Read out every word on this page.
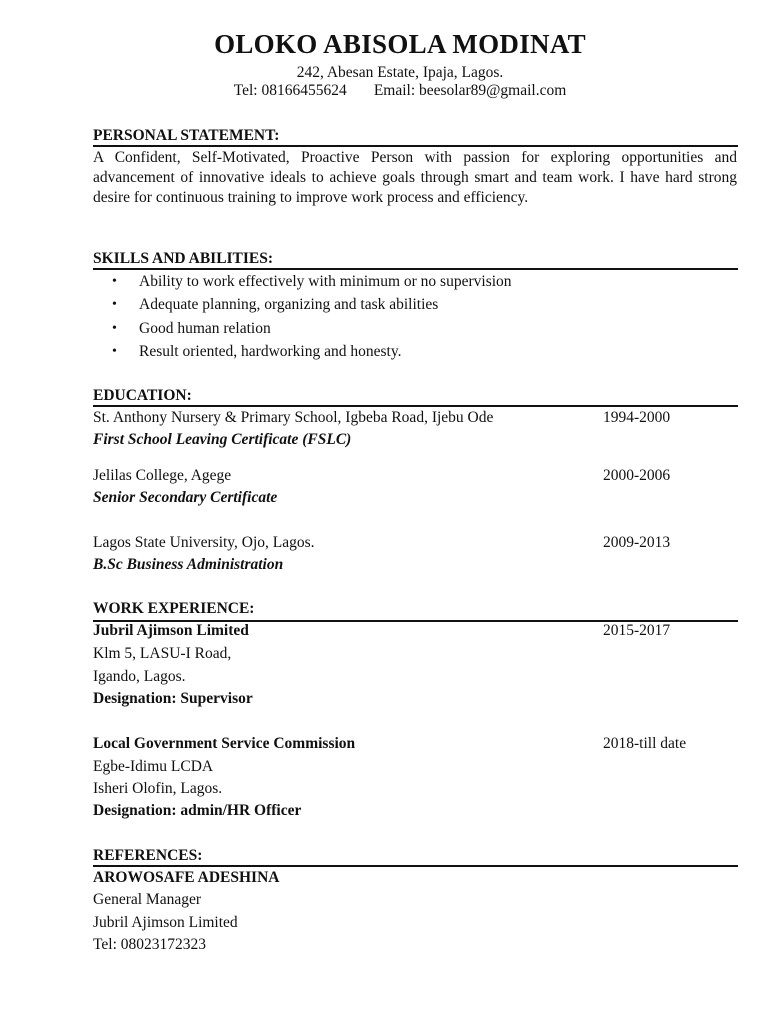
OLOKO ABISOLA MODINAT
242, Abesan Estate, Ipaja, Lagos.
Tel: 08166455624       Email: beesolar89@gmail.com
PERSONAL STATEMENT:
A Confident, Self-Motivated, Proactive Person with passion for exploring opportunities and advancement of innovative ideals to achieve goals through smart and team work. I have hard strong desire for continuous training to improve work process and efficiency.
SKILLS AND ABILITIES:
• Ability to work effectively with minimum or no supervision
• Adequate planning, organizing and task abilities
• Good human relation
• Result oriented, hardworking and honesty.
EDUCATION:
St. Anthony Nursery & Primary School, Igbeba Road, Ijebu Ode	1994-2000
First School Leaving Certificate (FSLC)
Jelilas College, Agege	2000-2006
Senior Secondary Certificate
Lagos State University, Ojo, Lagos.	2009-2013
B.Sc Business Administration
WORK EXPERIENCE:
Jubril Ajimson Limited	2015-2017
Klm 5, LASU-I Road,
Igando, Lagos.
Designation: Supervisor
Local Government Service Commission	2018-till date
Egbe-Idimu LCDA
Isheri Olofin, Lagos.
Designation: admin/HR Officer
REFERENCES:
AROWOSAFE ADESHINA
General Manager
Jubril Ajimson Limited
Tel: 08023172323
